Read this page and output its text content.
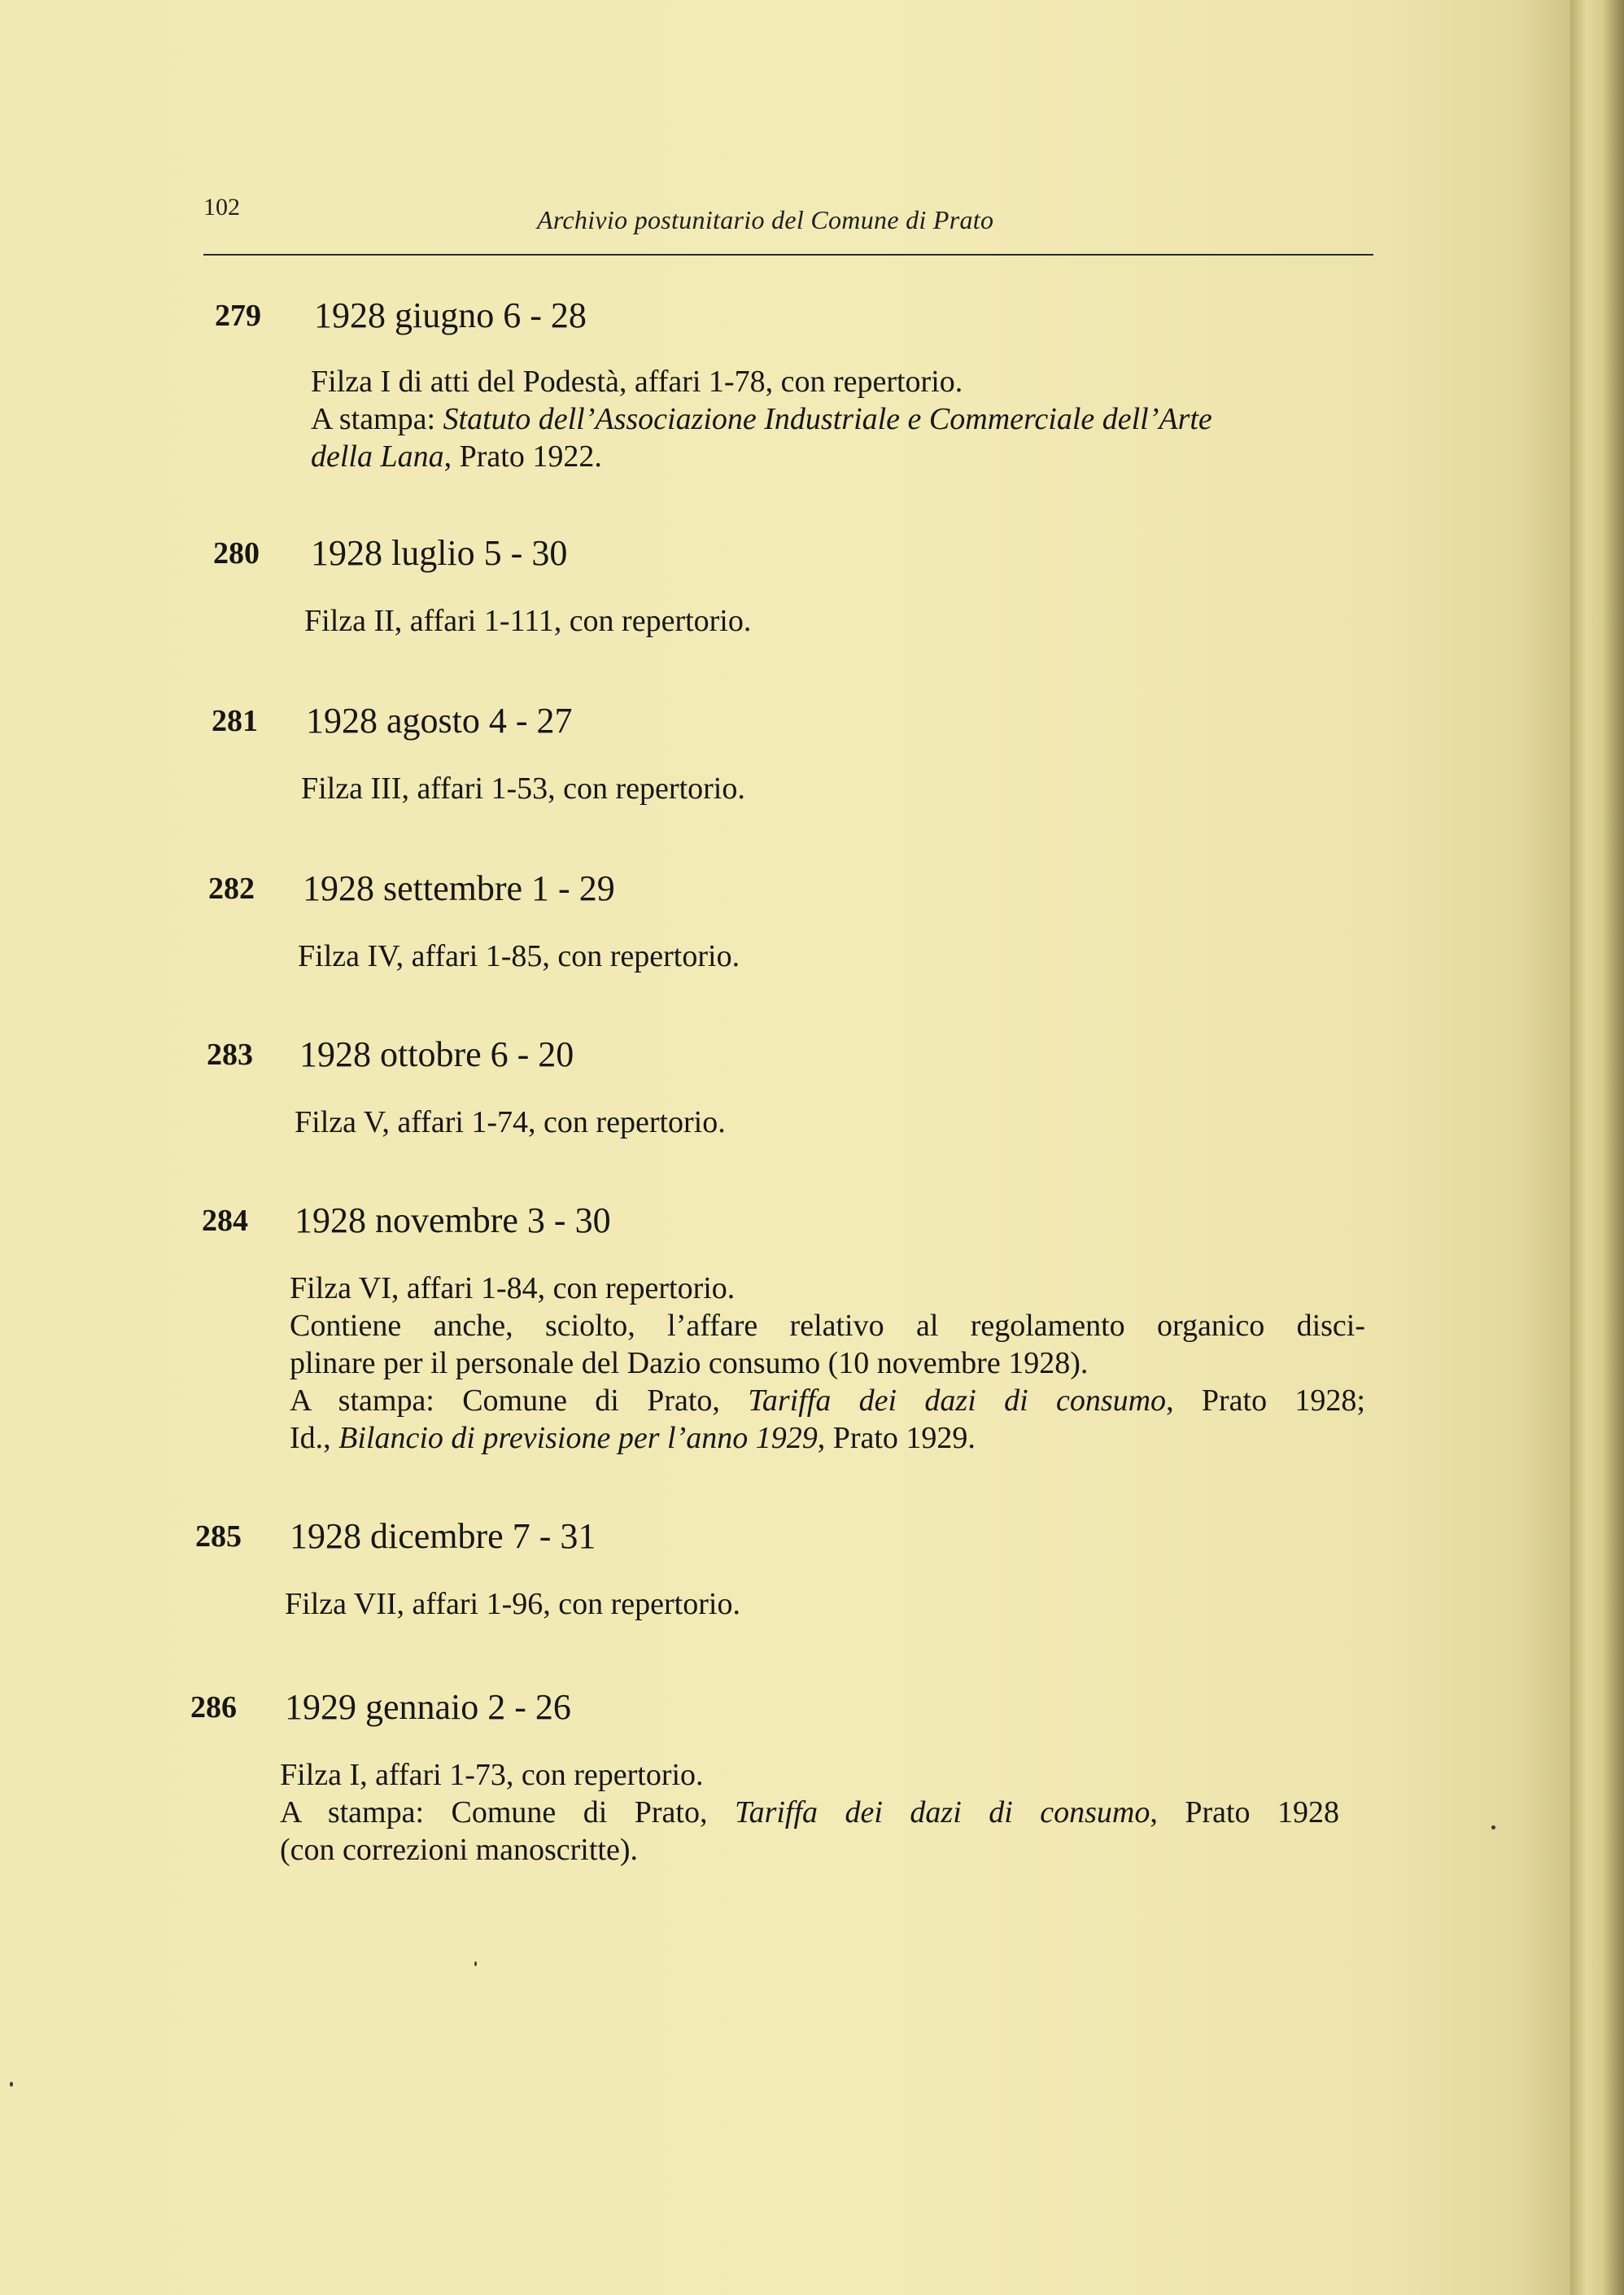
102	Archivio postunitario del Comune di Prato
279 1928 giugno 6 - 28
Filza I di atti del Podestà, affari 1-78, con repertorio.
A stampa: Statuto dell’Associazione Industriale e Commerciale dell’Arte
della Lana, Prato 1922.
280 1928 luglio 5 - 30
Filza II, affari 1-111, con repertorio.
281 1928 agosto 4 - 27
Filza III, affari 1-53, con repertorio.
282 1928 settembre 1 - 29
Filza IV, affari 1-85, con repertorio.
283 1928 ottobre 6 - 20
Filza V, affari 1-74, con repertorio.
284 1928 novembre 3 - 30
Filza VI, affari 1-84, con repertorio.
Contiene anche, sciolto, l’affare relativo al regolamento organico disci-
plinare per il personale del Dazio consumo (10 novembre 1928).
A stampa: Comune di Prato, Tariffa dei dazi di consumo, Prato 1928;
Id., Bilancio di previsione per l’anno 1929, Prato 1929.
285 1928 dicembre 7 - 31
Filza VII, affari 1-96, con repertorio.
286 1929 gennaio 2 - 26
Filza I, affari 1-73, con repertorio.
A stampa: Comune di Prato, Tariffa dei dazi di consumo, Prato 1928
(con correzioni manoscritte).
